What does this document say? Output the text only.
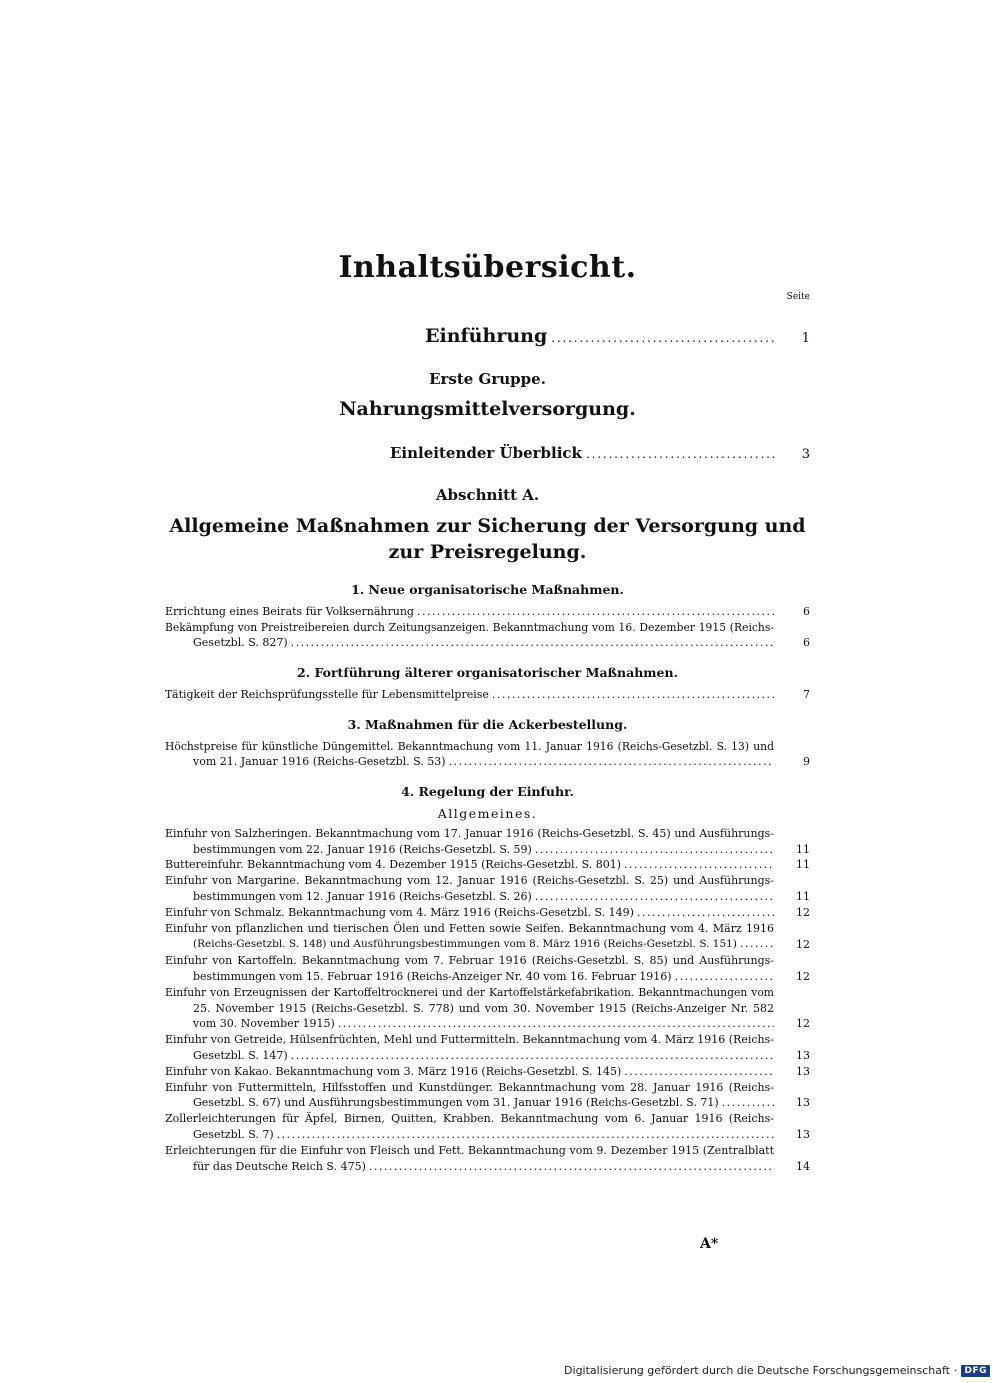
Inhaltsübersicht.
Seite
Einführung . . .	1
Erste Gruppe.
Nahrungsmittelversorgung.
Einleitender Überblick . . .	3
Abschnitt A.
Allgemeine Maßnahmen zur Sicherung der Versorgung und
zur Preisregelung.
1. Neue organisatorische Maßnahmen.
Errichtung eines Beirats für Volksernährung . . .	6
Bekämpfung von Preistreibereien durch Zeitungsanzeigen. Bekanntmachung vom 16. Dezember 1915 (Reichs-
Gesetzbl. S. 827) . . .	6
2. Fortführung älterer organisatorischer Maßnahmen.
Tätigkeit der Reichsprüfungsstelle für Lebensmittelpreise . . .	7
3. Maßnahmen für die Ackerbestellung.
Höchstpreise für künstliche Düngemittel. Bekanntmachung vom 11. Januar 1916 (Reichs-Gesetzbl. S. 13) und
vom 21. Januar 1916 (Reichs-Gesetzbl. S. 53) . . .	9
4. Regelung der Einfuhr.
Allgemeines.
Einfuhr von Salzheringen. Bekanntmachung vom 17. Januar 1916 (Reichs-Gesetzbl. S. 45) und Ausführungs-
bestimmungen vom 22. Januar 1916 (Reichs-Gesetzbl. S. 59) . . .	11
Buttereinfuhr. Bekanntmachung vom 4. Dezember 1915 (Reichs-Gesetzbl. S. 801) . . .	11
Einfuhr von Margarine. Bekanntmachung vom 12. Januar 1916 (Reichs-Gesetzbl. S. 25) und Ausführungs-
bestimmungen vom 12. Januar 1916 (Reichs-Gesetzbl. S. 26) . . .	11
Einfuhr von Schmalz. Bekanntmachung vom 4. März 1916 (Reichs-Gesetzbl. S. 149) . . .	12
Einfuhr von pflanzlichen und tierischen Ölen und Fetten sowie Seifen. Bekanntmachung vom 4. März 1916
(Reichs-Gesetzbl. S. 148) und Ausführungsbestimmungen vom 8. März 1916 (Reichs-Gesetzbl. S. 151) . . .	12
Einfuhr von Kartoffeln. Bekanntmachung vom 7. Februar 1916 (Reichs-Gesetzbl. S. 85) und Ausführungs-
bestimmungen vom 15. Februar 1916 (Reichs-Anzeiger Nr. 40 vom 16. Februar 1916) . . .	12
Einfuhr von Erzeugnissen der Kartoffeltrocknerei und der Kartoffelstärkefabrikation. Bekanntmachungen vom
25. November 1915 (Reichs-Gesetzbl. S. 778) und vom 30. November 1915 (Reichs-Anzeiger Nr. 582
vom 30. November 1915) . . .	12
Einfuhr von Getreide, Hülsenfrüchten, Mehl und Futtermitteln. Bekanntmachung vom 4. März 1916 (Reichs-
Gesetzbl. S. 147) . . .	13
Einfuhr von Kakao. Bekanntmachung vom 3. März 1916 (Reichs-Gesetzbl. S. 145) . . .	13
Einfuhr von Futtermitteln, Hilfsstoffen und Kunstdünger. Bekanntmachung vom 28. Januar 1916 (Reichs-
Gesetzbl. S. 67) und Ausführungsbestimmungen vom 31. Januar 1916 (Reichs-Gesetzbl. S. 71) . . .	13
Zollerleichterungen für Äpfel, Birnen, Quitten, Krabben. Bekanntmachung vom 6. Januar 1916 (Reichs-
Gesetzbl. S. 7) . . .	13
Erleichterungen für die Einfuhr von Fleisch und Fett. Bekanntmachung vom 9. Dezember 1915 (Zentralblatt
für das Deutsche Reich S. 475) . . .	14
A*
Digitalisierung gefördert durch die Deutsche Forschungsgemeinschaft · DFG
